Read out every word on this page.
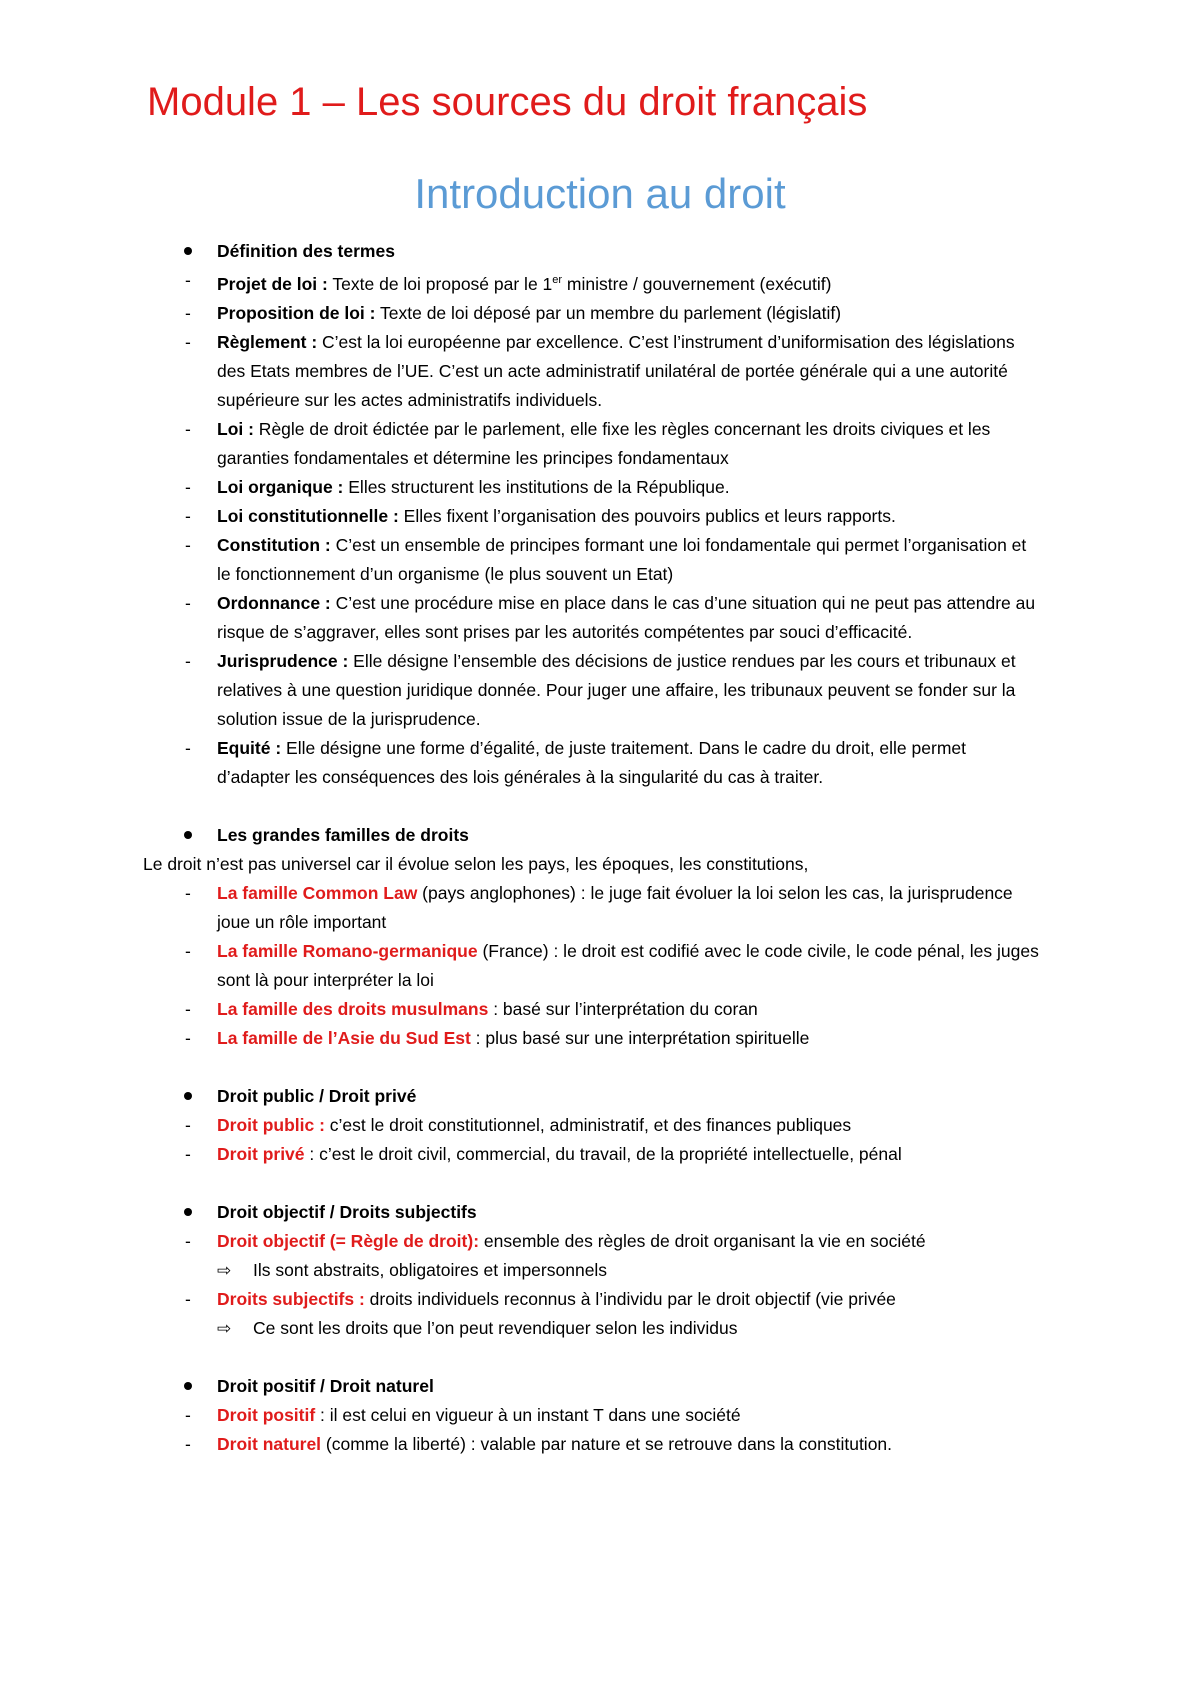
Module 1 – Les sources du droit français
Introduction au droit
Définition des termes
- Projet de loi : Texte de loi proposé par le 1er ministre / gouvernement (exécutif)
- Proposition de loi : Texte de loi déposé par un membre du parlement (législatif)
- Règlement : C’est la loi européenne par excellence. C’est l’instrument d’uniformisation des législations des Etats membres de l’UE. C’est un acte administratif unilatéral de portée générale qui a une autorité supérieure sur les actes administratifs individuels.
- Loi : Règle de droit édictée par le parlement, elle fixe les règles concernant les droits civiques et les garanties fondamentales et détermine les principes fondamentaux
- Loi organique : Elles structurent les institutions de la République.
- Loi constitutionnelle : Elles fixent l’organisation des pouvoirs publics et leurs rapports.
- Constitution : C’est un ensemble de principes formant une loi fondamentale qui permet l’organisation et le fonctionnement d’un organisme (le plus souvent un Etat)
- Ordonnance : C’est une procédure mise en place dans le cas d’une situation qui ne peut pas attendre au risque de s’aggraver, elles sont prises par les autorités compétentes par souci d’efficacité.
- Jurisprudence : Elle désigne l’ensemble des décisions de justice rendues par les cours et tribunaux et relatives à une question juridique donnée. Pour juger une affaire, les tribunaux peuvent se fonder sur la solution issue de la jurisprudence.
- Equité : Elle désigne une forme d’égalité, de juste traitement. Dans le cadre du droit, elle permet d’adapter les conséquences des lois générales à la singularité du cas à traiter.
Les grandes familles de droits
Le droit n’est pas universel car il évolue selon les pays, les époques, les constitutions,
- La famille Common Law (pays anglophones) : le juge fait évoluer la loi selon les cas, la jurisprudence joue un rôle important
- La famille Romano-germanique (France) : le droit est codifié avec le code civile, le code pénal, les juges sont là pour interpréter la loi
- La famille des droits musulmans : basé sur l’interprétation du coran
- La famille de l’Asie du Sud Est : plus basé sur une interprétation spirituelle
Droit public / Droit privé
- Droit public : c’est le droit constitutionnel, administratif, et des finances publiques
- Droit privé : c’est le droit civil, commercial, du travail, de la propriété intellectuelle, pénal
Droit objectif / Droits subjectifs
- Droit objectif (= Règle de droit): ensemble des règles de droit organisant la vie en société
⇨ Ils sont abstraits, obligatoires et impersonnels
- Droits subjectifs : droits individuels reconnus à l’individu par le droit objectif (vie privée
⇨ Ce sont les droits que l’on peut revendiquer selon les individus
Droit positif / Droit naturel
- Droit positif : il est celui en vigueur à un instant T dans une société
- Droit naturel (comme la liberté) : valable par nature et se retrouve dans la constitution.
